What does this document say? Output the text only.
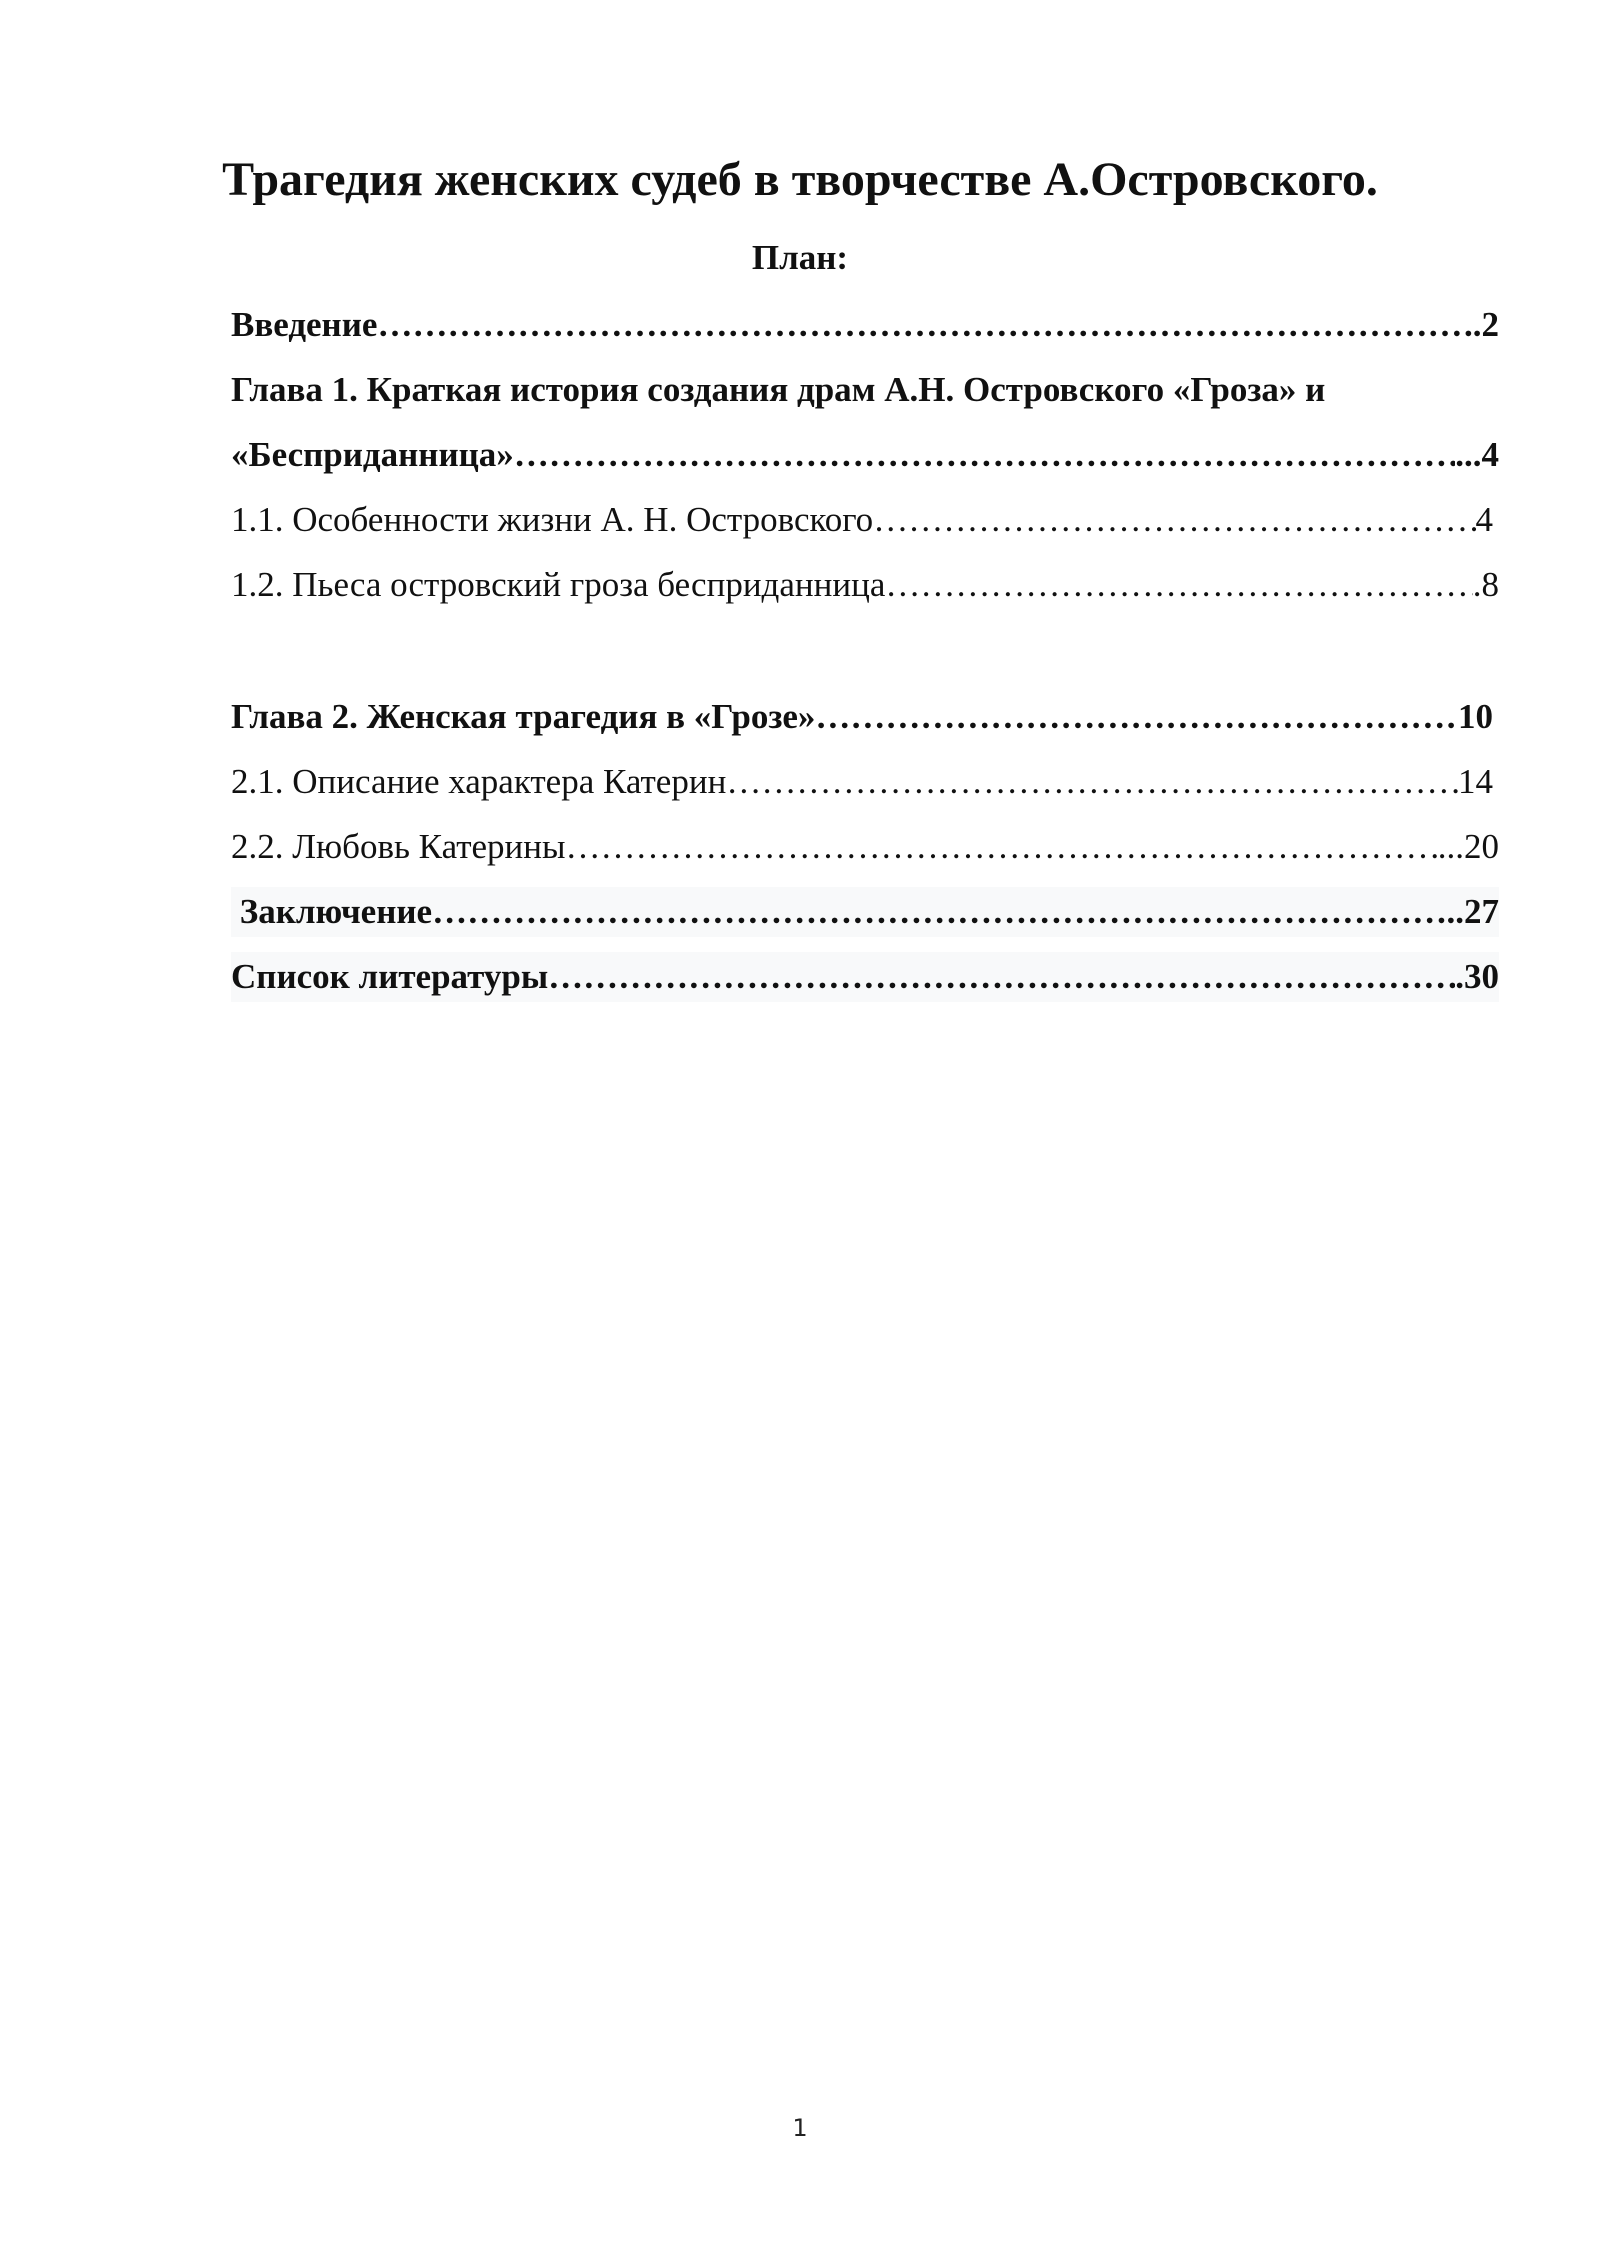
Трагедия женских судеб в творчестве А.Островского.
План:
..2
Введение
……………………………………………………………………………………………………………………………………………………………………
Глава 1. Краткая история создания драм А.Н. Островского «Гроза» и
...4
«Бесприданница»
……………………………………………………………………………………………………………………………………………………………………
4
1.1. Особенности жизни А. Н. Островского
……………………………………………………………………………………………………………………………………………………………………
.8
1.2. Пьеса островский гроза бесприданница
……………………………………………………………………………………………………………………………………………………………………
10
Глава 2. Женская трагедия в «Грозе»
……………………………………………………………………………………………………………………………………………………………………
14
2.1. Описание характера Катерин
……………………………………………………………………………………………………………………………………………………………………
...20
2.2. Любовь Катерины
……………………………………………………………………………………………………………………………………………………………………
..27
Заключение
……………………………………………………………………………………………………………………………………………………………………
.30
Список литературы
……………………………………………………………………………………………………………………………………………………………………
1
